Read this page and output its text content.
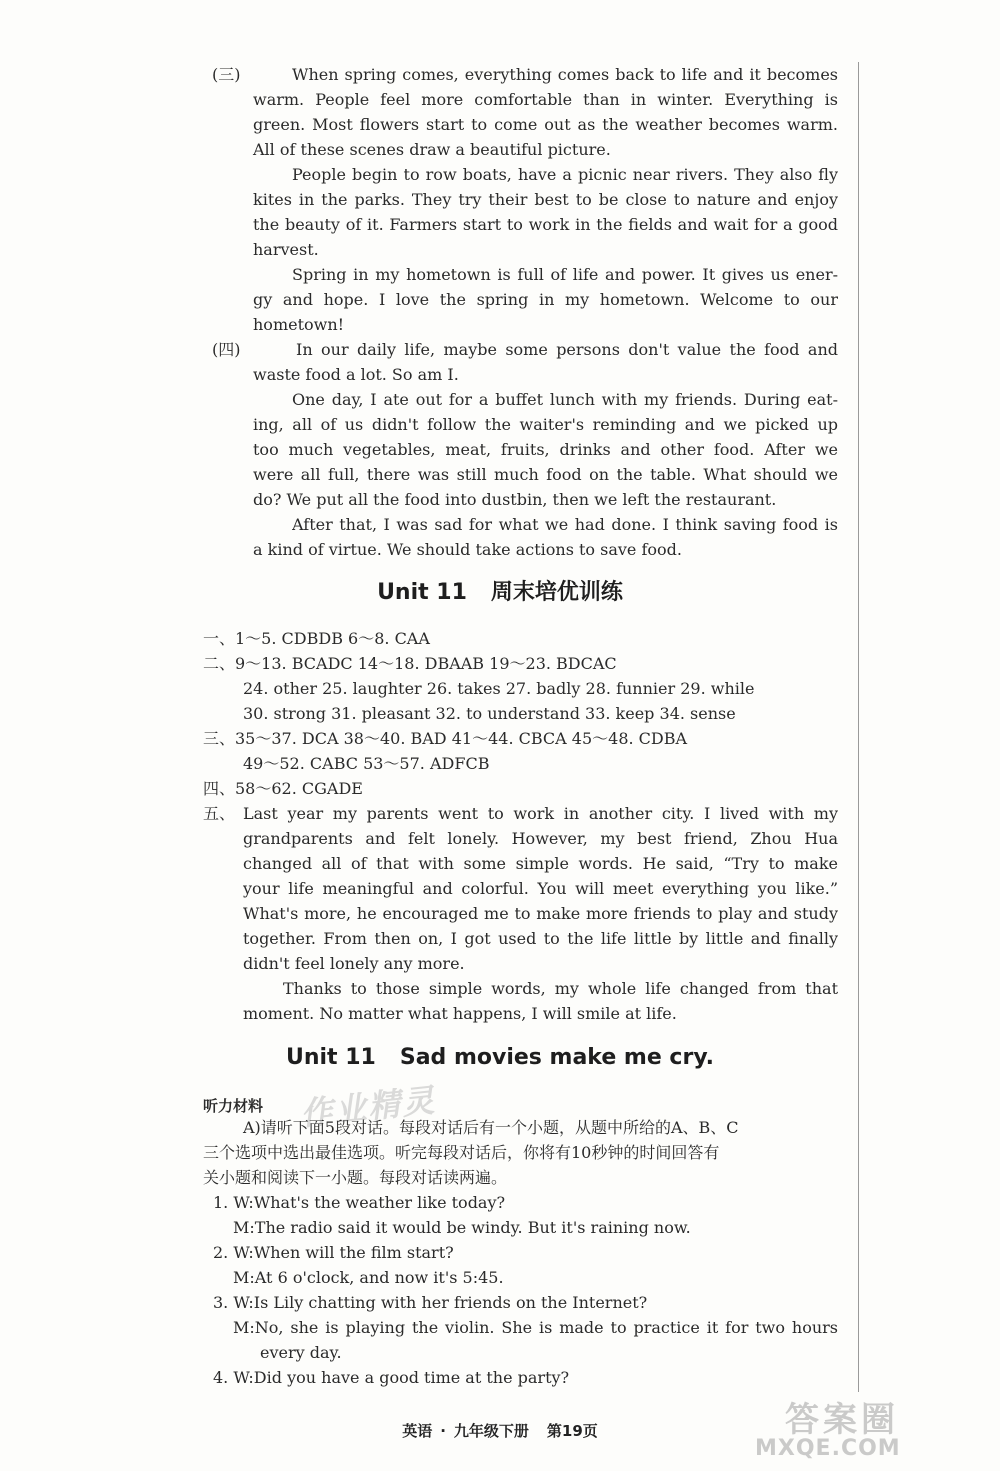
(三)	When spring comes, everything comes back to life and it becomes
warm. People feel more comfortable than in winter. Everything is
green. Most flowers start to come out as the weather becomes warm.
All of these scenes draw a beautiful picture.
People begin to row boats, have a picnic near rivers. They also fly
kites in the parks. They try their best to be close to nature and enjoy
the beauty of it. Farmers start to work in the fields and wait for a good
harvest.
Spring in my hometown is full of life and power. It gives us ener-
gy and hope. I love the spring in my hometown. Welcome to our
hometown!
(四)	In our daily life, maybe some persons don't value the food and
waste food a lot. So am I.
One day, I ate out for a buffet lunch with my friends. During eat-
ing, all of us didn't follow the waiter's reminding and we picked up
too much vegetables, meat, fruits, drinks and other food. After we
were all full, there was still much food on the table. What should we
do? We put all the food into dustbin, then we left the restaurant.
After that, I was sad for what we had done. I think saving food is
a kind of virtue. We should take actions to save food.
Unit 11 周末培优训练
一、1～5. CDBDB 6～8. CAA
二、9～13. BCADC 14～18. DBAAB 19～23. BDCAC
24. other 25. laughter 26. takes 27. badly 28. funnier 29. while
30. strong 31. pleasant 32. to understand 33. keep 34. sense
三、35～37. DCA 38～40. BAD 41～44. CBCA 45～48. CDBA
49～52. CABC 53～57. ADFCB
四、58～62. CGADE
五、 Last year my parents went to work in another city. I lived with my
grandparents and felt lonely. However, my best friend, Zhou Hua
changed all of that with some simple words. He said, “Try to make
your life meaningful and colorful. You will meet everything you like.”
What's more, he encouraged me to make more friends to play and study
together. From then on, I got used to the life little by little and finally
didn't feel lonely any more.
Thanks to those simple words, my whole life changed from that
moment. No matter what happens, I will smile at life.
Unit 11 Sad movies make me cry.
听力材料 作业精灵
A)请听下面5段对话。每段对话后有一个小题，从题中所给的A、B、C
三个选项中选出最佳选项。听完每段对话后，你将有10秒钟的时间回答有
关小题和阅读下一小题。每段对话读两遍。
1. W:What's the weather like today?
M:The radio said it would be windy. But it's raining now.
2. W:When will the film start?
M:At 6 o'clock, and now it's 5:45.
3. W:Is Lily chatting with her friends on the Internet?
M:No, she is playing the violin. She is made to practice it for two hours
every day.
4. W:Did you have a good time at the party?
英语 · 九年级下册 第19页	答案圈
MXQE.COM
